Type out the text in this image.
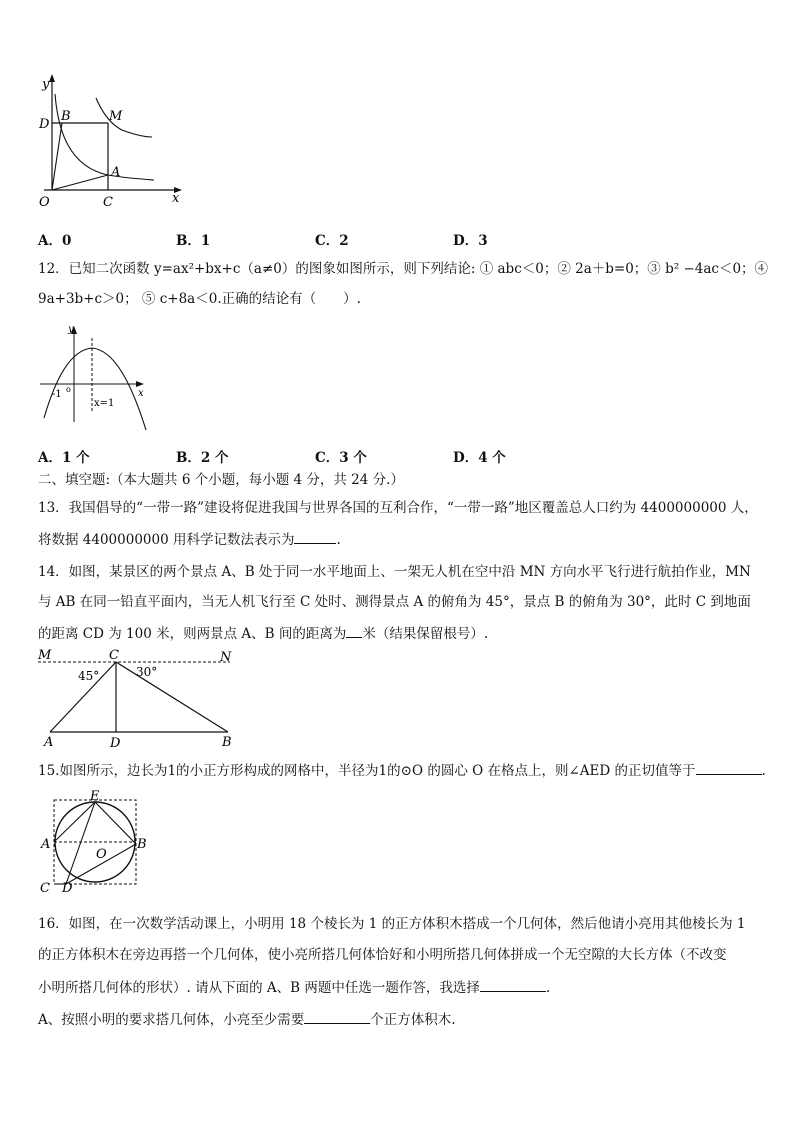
y
x
O
D
B	M
A
C
A．0	B．1	C．2	D．3
12．已知二次函数 y=ax²+bx+c（a≠0）的图象如图所示，则下列结论: ① abc＜0；② 2a＋b=0；③ b² −4ac＜0；④
9a+3b+c＞0； ⑤ c+8a＜0.正确的结论有（　　）.
y
x
-1 o
x=1
A．1 个	B．2 个	C．3 个	D．4 个
二、填空题:（本大题共 6 个小题，每小题 4 分，共 24 分.）
13．我国倡导的“一带一路”建设将促进我国与世界各国的互利合作，“一带一路”地区覆盖总人口约为 4400000000 人，
将数据 4400000000 用科学记数法表示为	.
14．如图，某景区的两个景点 A、B 处于同一水平地面上、一架无人机在空中沿 MN 方向水平飞行进行航拍作业，MN
与 AB 在同一铅直平面内，当无人机飞行至 C 处时、测得景点 A 的俯角为 45°，景点 B 的俯角为 30°，此时 C 到地面
的距离 CD 为 100 米，则两景点 A、B 间的距离为 米（结果保留根号）.
M	C	N
45°	30°
A	D	B
15.如图所示，边长为1的小正方形构成的网格中，半径为1的⊙O 的圆心 O 在格点上，则∠AED 的正切值等于	.
E
A
O
B
C D
16．如图，在一次数学活动课上，小明用 18 个棱长为 1 的正方体积木搭成一个几何体，然后他请小亮用其他棱长为 1
的正方体积木在旁边再搭一个几何体，使小亮所搭几何体恰好和小明所搭几何体拼成一个无空隙的大长方体（不改变
小明所搭几何体的形状）. 请从下面的 A、B 两题中任选一题作答，我选择	.
A、按照小明的要求搭几何体，小亮至少需要	个正方体积木.
